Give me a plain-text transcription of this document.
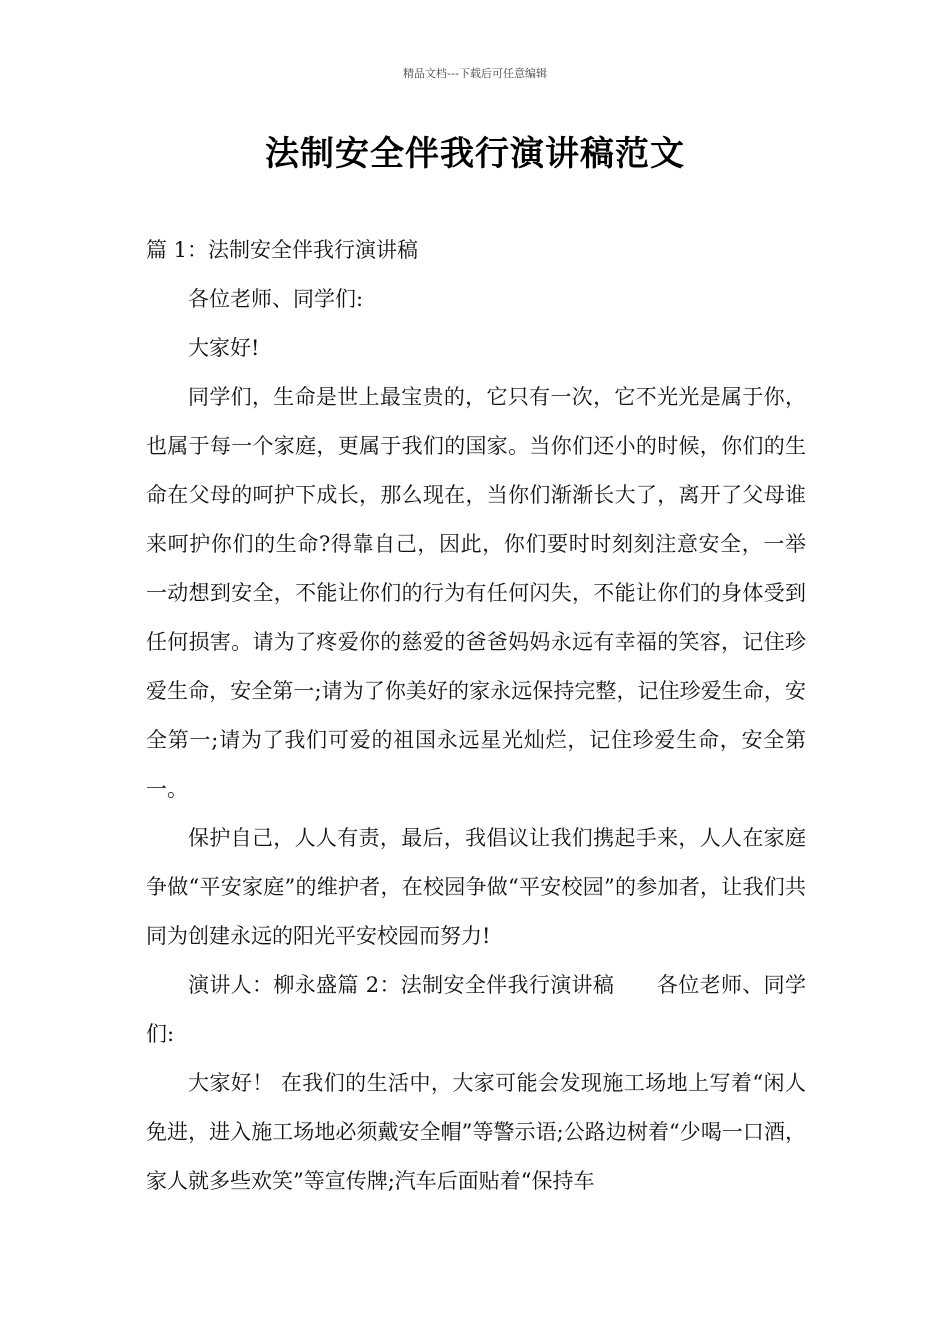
精品文档---下载后可任意编辑
法制安全伴我行演讲稿范文

篇 1：法制安全伴我行演讲稿

各位老师、同学们:

大家好!

同学们，生命是世上最宝贵的，它只有一次，它不光光是属于你，也属于每一个家庭，更属于我们的国家。当你们还小的时候，你们的生命在父母的呵护下成长，那么现在，当你们渐渐长大了，离开了父母谁来呵护你们的生命?得靠自己，因此，你们要时时刻刻注意安全，一举一动想到安全，不能让你们的行为有任何闪失，不能让你们的身体受到任何损害。请为了疼爱你的慈爱的爸爸妈妈永远有幸福的笑容，记住珍爱生命，安全第一;请为了你美好的家永远保持完整，记住珍爱生命，安全第一;请为了我们可爱的祖国永远星光灿烂，记住珍爱生命，安全第一。

保护自己，人人有责，最后，我倡议让我们携起手来，人人在家庭争做“平安家庭”的维护者，在校园争做“平安校园”的参加者，让我们共同为创建永远的阳光平安校园而努力!

演讲人：柳永盛篇 2：法制安全伴我行演讲稿　　各位老师、同学们:

大家好！ 在我们的生活中，大家可能会发现施工场地上写着“闲人免进，进入施工场地必须戴安全帽”等警示语;公路边树着“少喝一口酒，家人就多些欢笑”等宣传牌;汽车后面贴着“保持车
